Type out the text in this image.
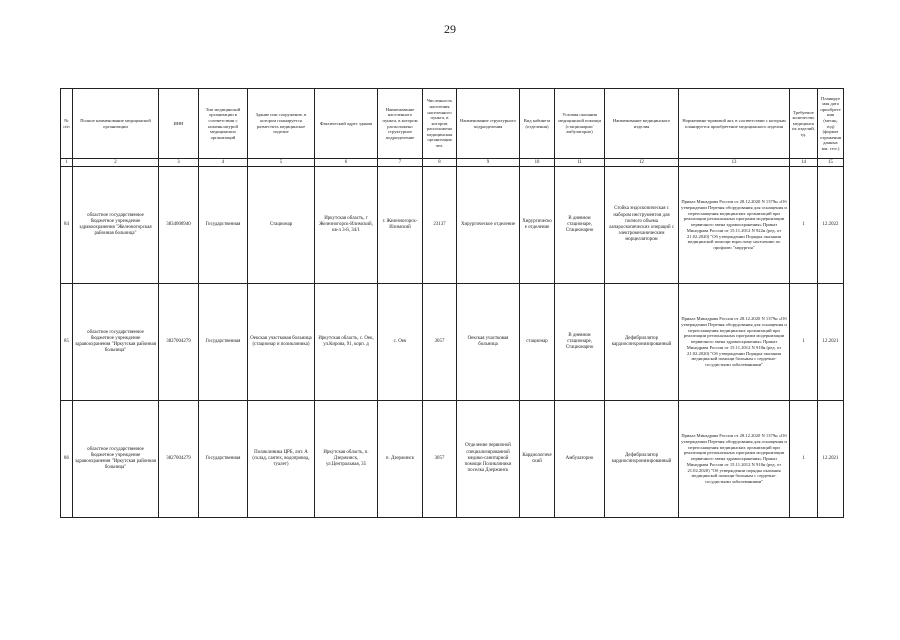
29
№ п/п	Полное наименование медицинской организации	ИНН	Тип медицинской организации в соответствии с номенклатурой медицинских организаций	Здание или сооружение, в котором планируется разместить медицинское изделие	Фактический адрес здания	Наименование населенного пункта, в котором расположено структурное подразделение	Численность населения населенного пункта, в котором расположено медицинская организация чел.	Наименование структурного подразделения	Вид кабинета (отделения)	Условия оказания медицинской помощи (стационарно/амбулаторно)	Наименование медицинского изделия	Нормативно-правовой акт, в соответствии с которым планируется приобретение медицинского изделия	Требуемое количество медицинских изделий, ед.	Планируемая дата приобретения (месяц, год) (формат отражения данных мм. гггг.)
1	2	3	4	5	6	7	8	9	10	11	12	13	14	15
84	областное государственное бюджетное учреждение здравоохранения "Железногорская районная больница"	3834008940	Государственная	Стационар	Иркутская область, г Железногорск-Илимский, кв-л 3-й, 34/1	г. Железногорск-Илимский	23137	Хирургическое отделение	Хирургическое отделение	В дневном стационаре, Стационарно	Стойка эндоскопическая с набором инструментов для полного объема лапароскопических операций с электромеханическим морцеллятором	Приказ Минздрава России от 28.12.2020 N 1379н «Об утверждении Перечня оборудования для оснащения и переоснащения медицинских организаций при реализации региональных программ модернизации первичного звена здравоохранения» Приказ Минздрава России от 15.11.2012 N 922н (ред. от 21.02.2020) "Об утверждении Порядка оказания медицинской помощи взрослому населению по профилю "хирургия"	1	12.2022
85	областное государственное бюджетное учреждение здравоохранения "Иркутская районная больница"	3827004279	Государственная	Оекская участковая больница (стационар и поликлиника)	Иркутская область, с. Оек, ул.Кирова, 91, корп. д	с. Оек	3057	Оекская участковая больница	стационар	В дневном стационаре, Стационарно	Дефибриллятор кардиосинхронизированный	Приказ Минздрава России от 28.12.2020 N 1379н «Об утверждении Перечня оборудования для оснащения и переоснащения медицинских организаций при реализации региональных программ модернизации первичного звена здравоохранения» Приказ Минздрава России от 15.11.2012 N 918н (ред. от 21.02.2020) "Об утверждении Порядка оказания медицинской помощи больным с сердечно-сосудистыми заболеваниями"	1	12.2021
86	областное государственное бюджетное учреждение здравоохранения "Иркутская районная больница"	3827004279	Государственная	Поликлиника ЦРБ, лит. А (склад, сантех, водопровод, туалет)	Иркутская область, п. Дзержинск, ул.Центральная, 35	п. Дзержинск	3057	Отделение первичной специализированной медико-санитарной помощи Поликлиники поселка Дзержинск	Кардиологический	Амбулаторно	Дефибриллятор кардиосинхронизированный	Приказ Минздрава России от 28.12.2020 N 1379н «Об утверждении Перечня оборудования для оснащения и переоснащения медицинских организаций при реализации региональных программ модернизации первичного звена здравоохранения» Приказ Минздрава России от 15.11.2012 N 918н (ред. от 21.02.2020) "Об утверждении порядка оказания медицинской помощи больным с сердечно-сосудистыми заболеваниями"	1	12.2021
